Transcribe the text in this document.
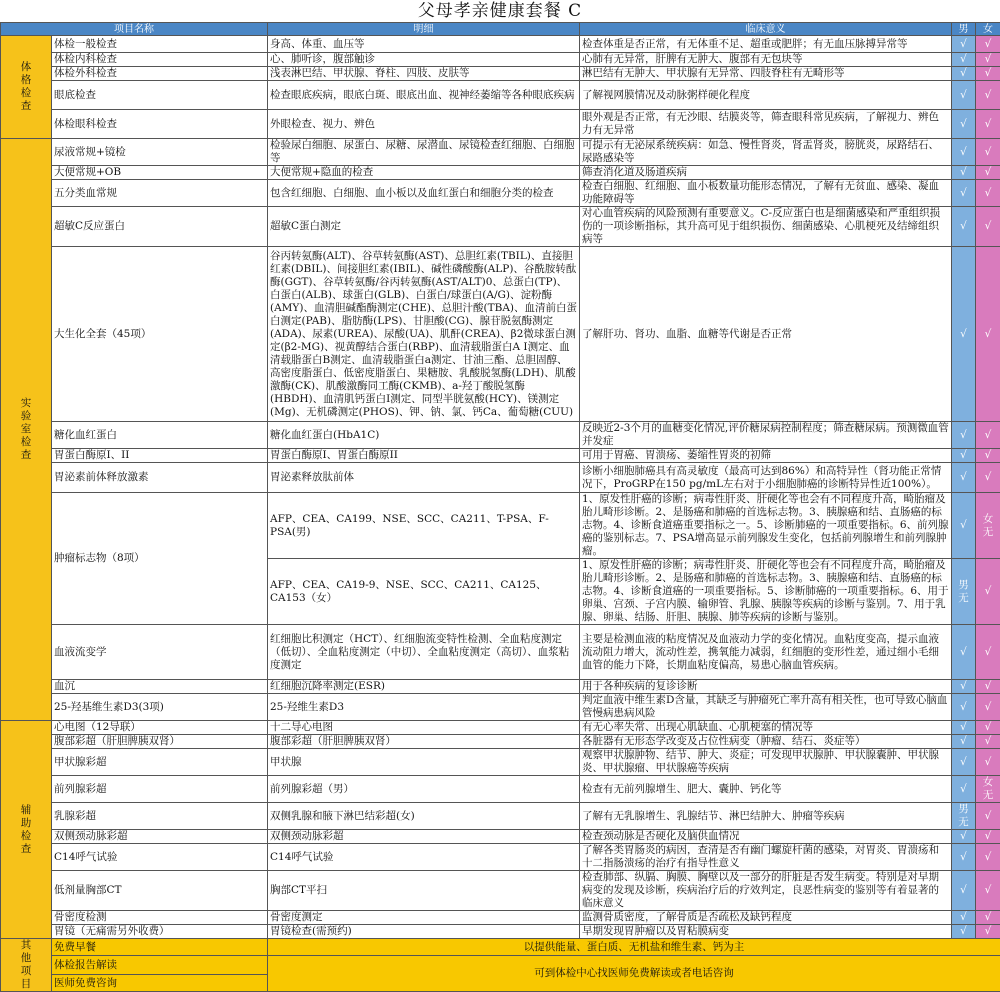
父母孝亲健康套餐 C
项目名称		明细	临床意义	男	女
体
格
检
查	体检一般检查	身高、体重、血压等	检查体重是否正常，有无体重不足、超重或肥胖；有无血压脉搏异常等	√	√
	体检内科检查	心、肺听诊，腹部触诊	心肺有无异常，肝脾有无肿大、腹部有无包块等	√	√
	体检外科检查	浅表淋巴结、甲状腺、脊柱、四肢、皮肤等	淋巴结有无肿大、甲状腺有无异常、四肢脊柱有无畸形等	√	√
	眼底检查	检查眼底疾病，眼底白斑、眼底出血、视神经萎缩等各种眼底疾病	了解视网膜情况及动脉粥样硬化程度	√	√
	体检眼科检查	外眼检查、视力、辨色	眼外观是否正常，有无沙眼、结膜炎等，筛查眼科常见疾病，了解视力、辨色力有无异常	√	√
实
验
室
检
查	尿液常规+镜检	检验尿白细胞、尿蛋白、尿糖、尿潜血、尿镜检查红细胞、白细胞等	可提示有无泌尿系统疾病：如急、慢性肾炎，肾盂肾炎，膀胱炎，尿路结石、尿路感染等	√	√
	大便常规+OB	大便常规+隐血的检查	筛查消化道及肠道疾病	√	√
	五分类血常规	包含红细胞、白细胞、血小板以及血红蛋白和细胞分类的检查	检查白细胞、红细胞、血小板数量功能形态情况，了解有无贫血、感染、凝血功能障碍等	√	√
	超敏C反应蛋白	超敏C蛋白测定	对心血管疾病的风险预测有重要意义。C-反应蛋白也是细菌感染和严重组织损伤的一项诊断指标，其升高可见于组织损伤、细菌感染、心肌梗死及结缔组织病等	√	√
	大生化全套（45项）	谷丙转氨酶(ALT)、谷草转氨酶(AST)、总胆红素(TBIL)、直接胆红素(DBIL)、间接胆红素(IBIL)、碱性磷酸酶(ALP)、谷酰胺转酞酶(GGT)、谷草转氨酶/谷丙转氨酶(AST/ALT)0、总蛋白(TP)、白蛋白(ALB)、球蛋白(GLB)、白蛋白/球蛋白(A/G)、淀粉酶(AMY)、血清胆碱酯酶测定(CHE)、总胆汁酸(TBA)、血清前白蛋白测定(PAB)、脂肪酶(LPS)、甘胆酸(CG)、腺苷脱氨酶测定(ADA)、尿素(UREA)、尿酸(UA)、肌酐(CREA)、β2微球蛋白测定(β2-MG)、视黄醇结合蛋白(RBP)、血清载脂蛋白A I测定、血清载脂蛋白B测定、血清载脂蛋白a测定、甘油三酯、总胆固醇、高密度脂蛋白、低密度脂蛋白、果糖胺、乳酸脱氢酶(LDH)、肌酸激酶(CK)、肌酸激酶同工酶(CKMB)、a-羟丁酸脱氢酶(HBDH)、血清肌钙蛋白I测定、同型半胱氨酸(HCY)、镁测定(Mg)、无机磷测定(PHOS)、钾、钠、氯、钙Ca、葡萄糖(CUU)	了解肝功、肾功、血脂、血糖等代谢是否正常	√	√
	糖化血红蛋白	糖化血红蛋白(HbA1C)	反映近2-3个月的血糖变化情况,评价糖尿病控制程度；筛查糖尿病。预测微血管并发症	√	√
	胃蛋白酶原I、II	胃蛋白酶原I、胃蛋白酶原II	可用于胃癌、胃溃疡、萎缩性胃炎的初筛	√	√
	胃泌素前体释放激素	胃泌素释放肽前体	诊断小细胞肺癌具有高灵敏度（最高可达到86%）和高特异性（肾功能正常情况下，ProGRP在150 pg/mL左右对于小细胞肺癌的诊断特异性近100%）。	√	√
	肿瘤标志物（8项）	AFP、CEA、CA199、NSE、SCC、CA211、T-PSA、F-PSA(男)	1、原发性肝癌的诊断；病毒性肝炎、肝硬化等也会有不同程度升高，畸胎瘤及胎儿畸形诊断。2、是肠癌和肺癌的首选标志物。3、胰腺癌和结、直肠癌的标志物。4、诊断食道癌重要指标之一。5、诊断肺癌的一项重要指标。6、前列腺癌的鉴别标志。7、PSA增高显示前列腺发生变化，包括前列腺增生和前列腺肿瘤。	√	女无
		AFP、CEA、CA19-9、NSE、SCC、CA211、CA125、CA153（女）	1、原发性肝癌的诊断；病毒性肝炎、肝硬化等也会有不同程度升高，畸胎瘤及胎儿畸形诊断。2、是肠癌和肺癌的首选标志物。3、胰腺癌和结、直肠癌的标志物。4、诊断食道癌的一项重要指标。5、诊断肺癌的一项重要指标。6、用于卵巢、宫颈、子宫内膜、输卵管、乳腺、胰腺等疾病的诊断与鉴别。7、用于乳腺、卵巢、结肠、肝胆、胰腺、肺等疾病的诊断与鉴别。	男无	√
	血液流变学	红细胞比积测定（HCT）、红细胞流变特性检测、全血粘度测定（低切）、全血粘度测定（中切）、全血粘度测定（高切）、血浆粘度测定	主要是检测血液的粘度情况及血液动力学的变化情况。血粘度变高，提示血液流动阻力增大，流动性差，携氧能力减弱，红细胞的变形性差，通过细小毛细血管的能力下降，长期血粘度偏高，易患心脑血管疾病。	√	√
	血沉	红细胞沉降率测定(ESR)	用于各种疾病的复诊诊断	√	√
	25-羟基维生素D3(3项)	25-羟维生素D3	判定血液中维生素D含量，其缺乏与肿瘤死亡率升高有相关性，也可导致心脑血管慢病患病风险	√	√
辅
助
检
查	心电图（12导联）	十二导心电图	有无心率失常、出现心肌缺血、心肌梗塞的情况等	√	√
	腹部彩超（肝胆脾胰双肾）	腹部彩超（肝胆脾胰双肾）	各脏器有无形态学改变及占位性病变（肿瘤、结石、炎症等）	√	√
	甲状腺彩超	甲状腺	观察甲状腺肿物、结节、肿大、炎症；可发现甲状腺肿、甲状腺囊肿、甲状腺炎、甲状腺瘤、甲状腺癌等疾病	√	√
	前列腺彩超	前列腺彩超（男）	检查有无前列腺增生、肥大、囊肿、钙化等	√	女无
	乳腺彩超	双侧乳腺和腋下淋巴结彩超(女)	了解有无乳腺增生、乳腺结节、淋巴结肿大、肿瘤等疾病	男无	√
	双侧颈动脉彩超	双侧颈动脉彩超	检查颈动脉是否硬化及脑供血情况	√	√
	C14呼气试验	C14呼气试验	了解各类胃肠炎的病因，查清是否有幽门螺旋杆菌的感染，对胃炎、胃溃疡和十二指肠溃疡的治疗有指导性意义	√	√
	低剂量胸部CT	胸部CT平扫	检查肺部、纵膈、胸膜、胸壁以及一部分的肝脏是否发生病变。特别是对早期病变的发现及诊断，疾病治疗后的疗效判定，良恶性病变的鉴别等有着显著的临床意义	√	√
	骨密度检测	骨密度测定	监测骨质密度，了解骨质是否疏松及缺钙程度	√	√
	胃镜（无痛需另外收费）	胃镜检查(需预约)	早期发现胃肿瘤以及胃粘膜病变	√	√
其
他
项
目	免费早餐	以提供能量、蛋白质、无机盐和维生素、钙为主			
	体检报告解读	可到体检中心找医师免费解读或者电话咨询			
	医师免费咨询				
